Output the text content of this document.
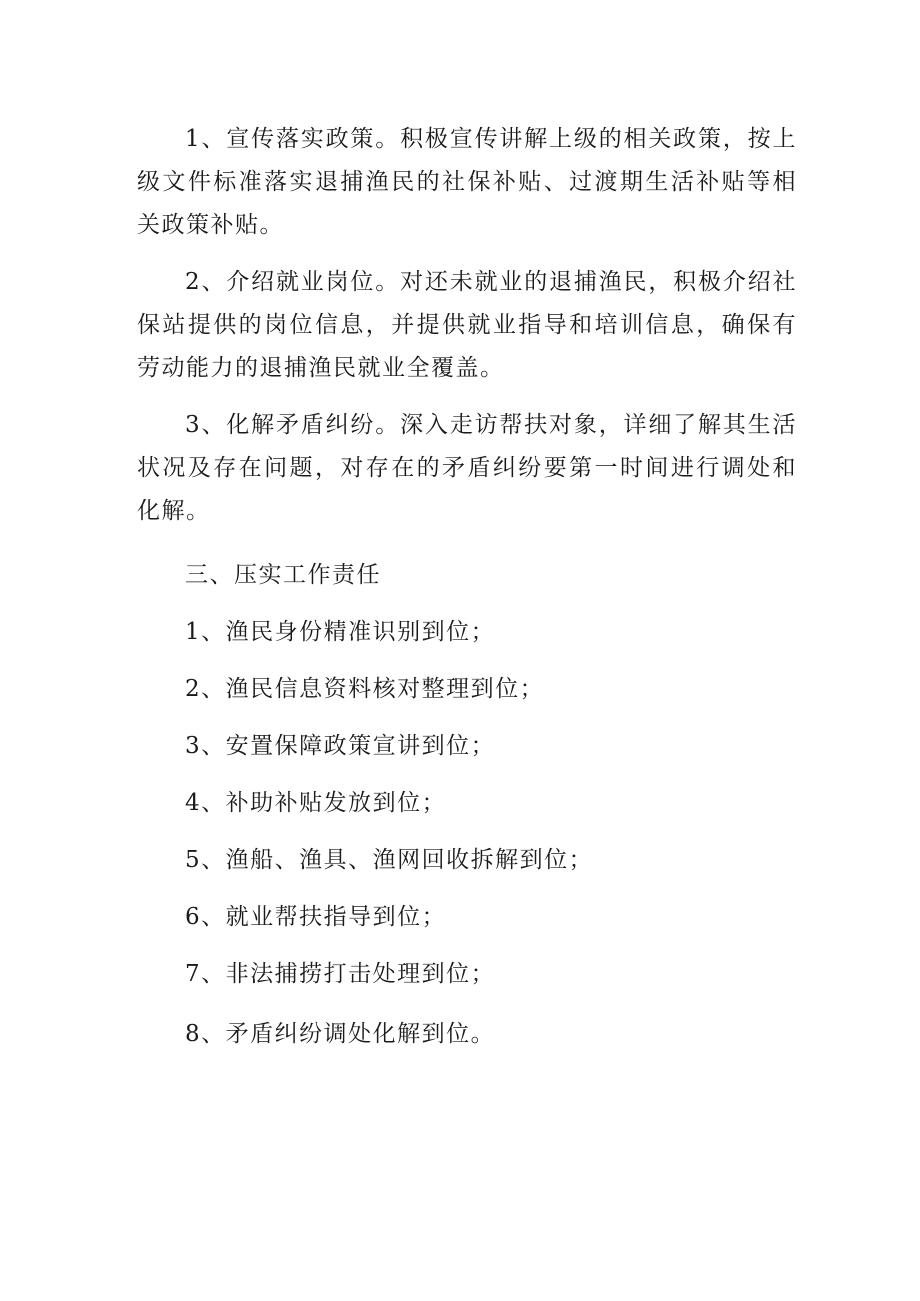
1、宣传落实政策。积极宣传讲解上级的相关政策，按上级文件标准落实退捕渔民的社保补贴、过渡期生活补贴等相关政策补贴。

2、介绍就业岗位。对还未就业的退捕渔民，积极介绍社保站提供的岗位信息，并提供就业指导和培训信息，确保有劳动能力的退捕渔民就业全覆盖。

3、化解矛盾纠纷。深入走访帮扶对象，详细了解其生活状况及存在问题，对存在的矛盾纠纷要第一时间进行调处和化解。

三、压实工作责任

1、渔民身份精准识别到位；

2、渔民信息资料核对整理到位；

3、安置保障政策宣讲到位；

4、补助补贴发放到位；

5、渔船、渔具、渔网回收拆解到位；

6、就业帮扶指导到位；

7、非法捕捞打击处理到位；

8、矛盾纠纷调处化解到位。
